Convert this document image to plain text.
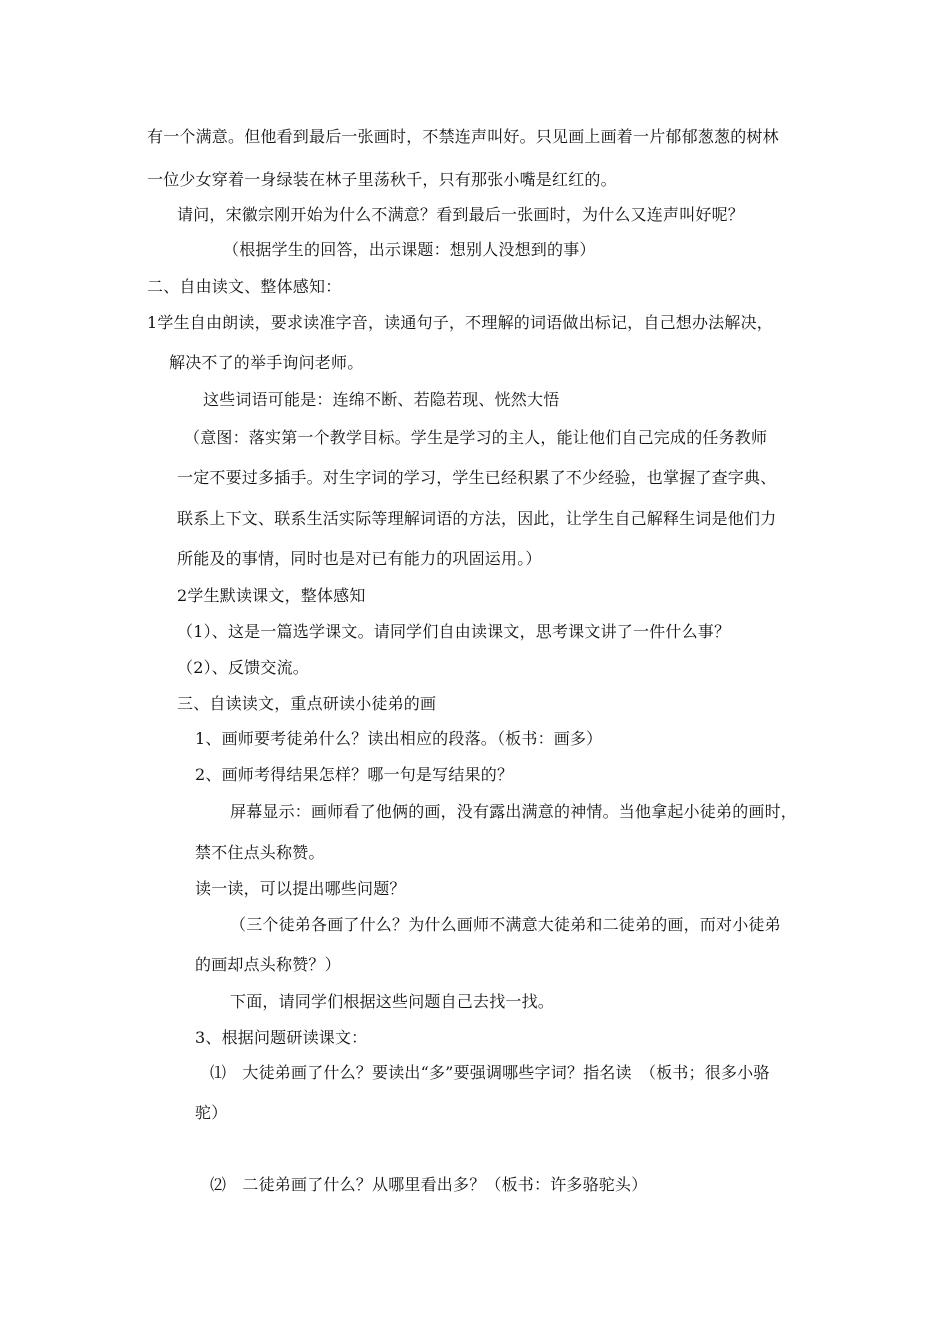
有一个满意。但他看到最后一张画时，不禁连声叫好。只见画上画着一片郁郁葱葱的树林
一位少女穿着一身绿装在林子里荡秋千，只有那张小嘴是红红的。
请问，宋徽宗刚开始为什么不满意？看到最后一张画时，为什么又连声叫好呢？
（根据学生的回答，出示课题：想别人没想到的事）
二、自由读文、整体感知：
1学生自由朗读，要求读准字音，读通句子，不理解的词语做出标记，自己想办法解决，
解决不了的举手询问老师。
这些词语可能是：连绵不断、若隐若现、恍然大悟
（意图：落实第一个教学目标。学生是学习的主人，能让他们自己完成的任务教师
一定不要过多插手。对生字词的学习，学生已经积累了不少经验，也掌握了查字典、
联系上下文、联系生活实际等理解词语的方法，因此，让学生自己解释生词是他们力
所能及的事情，同时也是对已有能力的巩固运用。）
2学生默读课文，整体感知
（1）、这是一篇选学课文。请同学们自由读课文，思考课文讲了一件什么事？
（2）、反馈交流。
三、自读读文，重点研读小徒弟的画
1、画师要考徒弟什么？读出相应的段落。（板书：画多）
2、画师考得结果怎样？哪一句是写结果的？
屏幕显示：画师看了他俩的画，没有露出满意的神情。当他拿起小徒弟的画时，
禁不住点头称赞。
读一读，可以提出哪些问题？
（三个徒弟各画了什么？为什么画师不满意大徒弟和二徒弟的画，而对小徒弟
的画却点头称赞？）
下面，请同学们根据这些问题自己去找一找。
3、根据问题研读课文：
⑴　大徒弟画了什么？要读出“多”要强调哪些字词？指名读　（板书；很多小骆
驼）
⑵　二徒弟画了什么？从哪里看出多？（板书：许多骆驼头）
